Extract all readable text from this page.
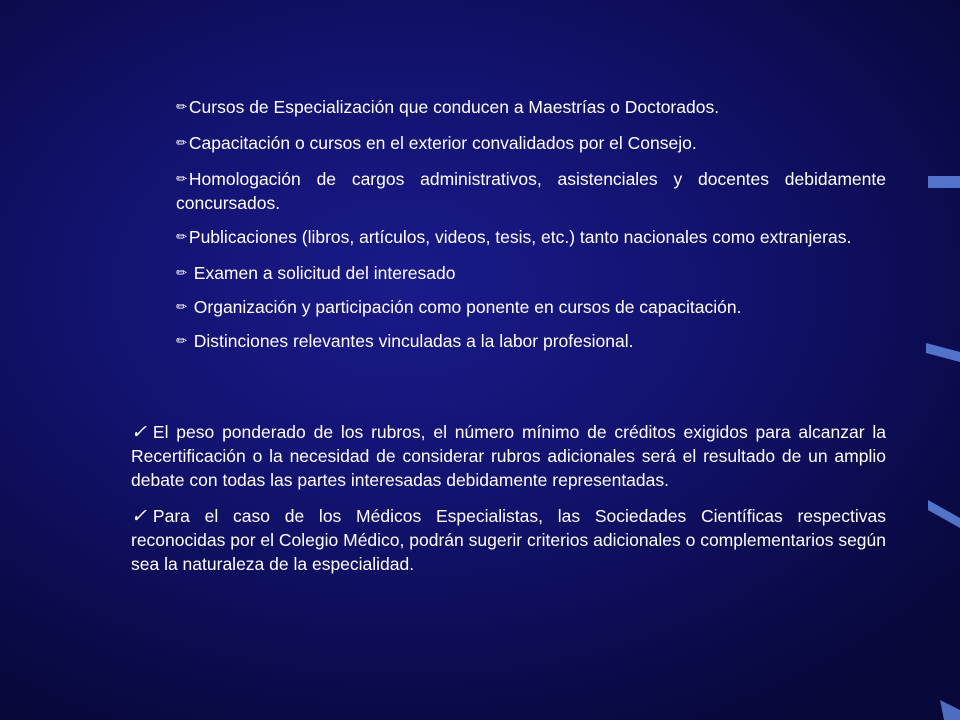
✏ Cursos de Especialización que conducen a Maestrías o Doctorados.
✏ Capacitación o cursos en el exterior convalidados por el Consejo.
✏ Homologación de cargos administrativos, asistenciales y docentes debidamente concursados.
✏ Publicaciones (libros, artículos, videos, tesis, etc.) tanto nacionales como extranjeras.
✏ Examen a solicitud del interesado
✏ Organización y participación como ponente en cursos de capacitación.
✏ Distinciones relevantes vinculadas a la labor profesional.

✓ El peso ponderado de los rubros, el número mínimo de créditos exigidos para alcanzar la Recertificación o la necesidad de considerar rubros adicionales será el resultado de un amplio debate con todas las partes interesadas debidamente representadas.

✓ Para el caso de los Médicos Especialistas, las Sociedades Científicas respectivas reconocidas por el Colegio Médico, podrán sugerir criterios adicionales o complementarios según sea la naturaleza de la especialidad.
